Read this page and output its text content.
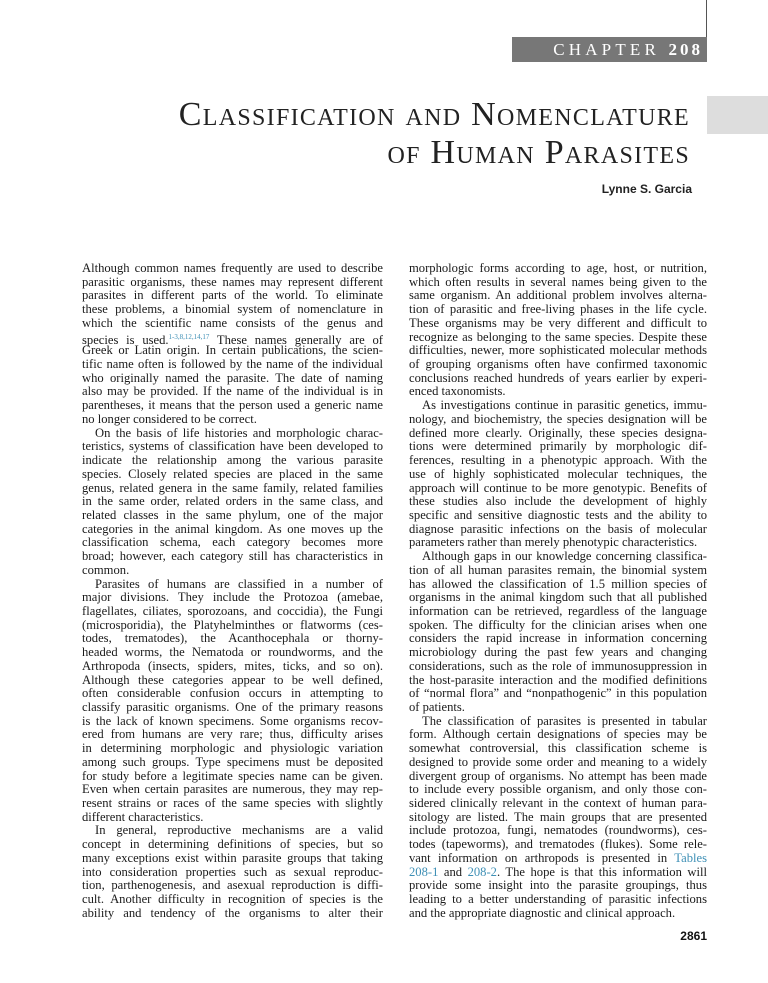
CHAPTER 208
Classification and Nomenclature
of Human Parasites
Lynne S. Garcia
Although common names frequently are used to describe
parasitic organisms, these names may represent different
parasites in different parts of the world. To eliminate
these problems, a binomial system of nomenclature in
which the scientific name consists of the genus and
species is used.$^{1-3,8,12,14,17}$ These names generally are of
Greek or Latin origin. In certain publications, the scien-
tific name often is followed by the name of the individual
who originally named the parasite. The date of naming
also may be provided. If the name of the individual is in
parentheses, it means that the person used a generic name
no longer considered to be correct.
On the basis of life histories and morphologic charac-
teristics, systems of classification have been developed to
indicate the relationship among the various parasite
species. Closely related species are placed in the same
genus, related genera in the same family, related families
in the same order, related orders in the same class, and
related classes in the same phylum, one of the major
categories in the animal kingdom. As one moves up the
classification schema, each category becomes more
broad; however, each category still has characteristics in
common.
Parasites of humans are classified in a number of
major divisions. They include the Protozoa (amebae,
flagellates, ciliates, sporozoans, and coccidia), the Fungi
(microsporidia), the Platyhelminthes or flatworms (ces-
todes, trematodes), the Acanthocephala or thorny-
headed worms, the Nematoda or roundworms, and the
Arthropoda (insects, spiders, mites, ticks, and so on).
Although these categories appear to be well defined,
often considerable confusion occurs in attempting to
classify parasitic organisms. One of the primary reasons
is the lack of known specimens. Some organisms recov-
ered from humans are very rare; thus, difficulty arises
in determining morphologic and physiologic variation
among such groups. Type specimens must be deposited
for study before a legitimate species name can be given.
Even when certain parasites are numerous, they may rep-
resent strains or races of the same species with slightly
different characteristics.
In general, reproductive mechanisms are a valid
concept in determining definitions of species, but so
many exceptions exist within parasite groups that taking
into consideration properties such as sexual reproduc-
tion, parthenogenesis, and asexual reproduction is diffi-
cult. Another difficulty in recognition of species is the
ability and tendency of the organisms to alter their
morphologic forms according to age, host, or nutrition,
which often results in several names being given to the
same organism. An additional problem involves alterna-
tion of parasitic and free-living phases in the life cycle.
These organisms may be very different and difficult to
recognize as belonging to the same species. Despite these
difficulties, newer, more sophisticated molecular methods
of grouping organisms often have confirmed taxonomic
conclusions reached hundreds of years earlier by experi-
enced taxonomists.
As investigations continue in parasitic genetics, immu-
nology, and biochemistry, the species designation will be
defined more clearly. Originally, these species designa-
tions were determined primarily by morphologic dif-
ferences, resulting in a phenotypic approach. With the
use of highly sophisticated molecular techniques, the
approach will continue to be more genotypic. Benefits of
these studies also include the development of highly
specific and sensitive diagnostic tests and the ability to
diagnose parasitic infections on the basis of molecular
parameters rather than merely phenotypic characteristics.
Although gaps in our knowledge concerning classifica-
tion of all human parasites remain, the binomial system
has allowed the classification of 1.5 million species of
organisms in the animal kingdom such that all published
information can be retrieved, regardless of the language
spoken. The difficulty for the clinician arises when one
considers the rapid increase in information concerning
microbiology during the past few years and changing
considerations, such as the role of immunosuppression in
the host-parasite interaction and the modified definitions
of “normal flora” and “nonpathogenic” in this population
of patients.
The classification of parasites is presented in tabular
form. Although certain designations of species may be
somewhat controversial, this classification scheme is
designed to provide some order and meaning to a widely
divergent group of organisms. No attempt has been made
to include every possible organism, and only those con-
sidered clinically relevant in the context of human para-
sitology are listed. The main groups that are presented
include protozoa, fungi, nematodes (roundworms), ces-
todes (tapeworms), and trematodes (flukes). Some rele-
vant information on arthropods is presented in Tables
208-1 and 208-2. The hope is that this information will
provide some insight into the parasite groupings, thus
leading to a better understanding of parasitic infections
and the appropriate diagnostic and clinical approach.
2861
